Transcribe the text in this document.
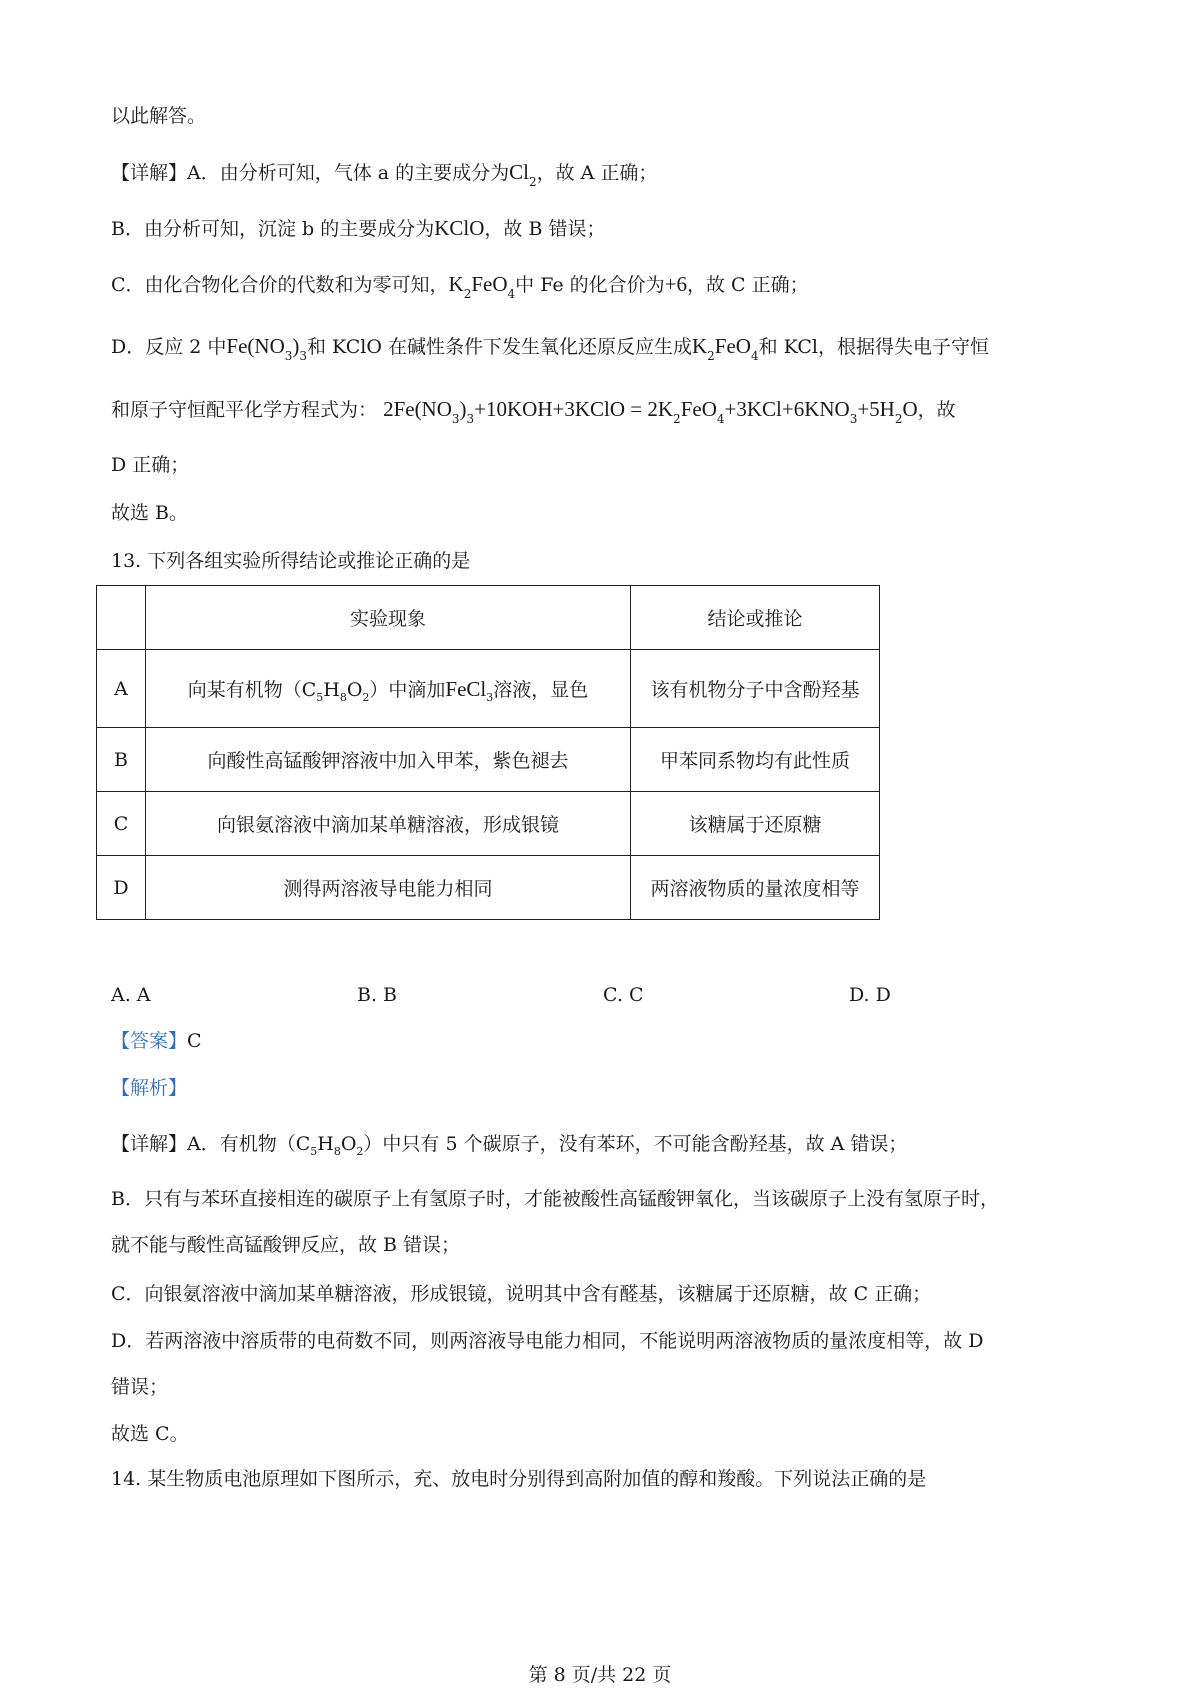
以此解答。
【详解】A．由分析可知，气体 a 的主要成分为$Cl_2$，故 A 正确；
B．由分析可知，沉淀 b 的主要成分为KClO，故 B 错误；
C．由化合物化合价的代数和为零可知，$K_2FeO_4$中 Fe 的化合价为+6，故 C 正确；
D．反应 2 中$Fe(NO_3)_3$和 KClO 在碱性条件下发生氧化还原反应生成$K_2FeO_4$和 KCl，根据得失电子守恒
和原子守恒配平化学方程式为： $2Fe(NO_3)_3+10KOH+3KClO = 2K_2FeO_4+3KCl+6KNO_3+5H_2O$，故
D 正确；
故选 B。
13. 下列各组实验所得结论或推论正确的是
	实验现象	结论或推论
A	向某有机物$(C_5H_8O_2)$中滴加FeCl$_3$溶液，显色	该有机物分子中含酚羟基
B	向酸性高锰酸钾溶液中加入甲苯，紫色褪去	甲苯同系物均有此性质
C	向银氨溶液中滴加某单糖溶液，形成银镜	该糖属于还原糖
D	测得两溶液导电能力相同	两溶液物质的量浓度相等
A. A	B. B	C. C	D. D
【答案】C
【解析】
【详解】A．有机物$(C_5H_8O_2)$中只有 5 个碳原子，没有苯环，不可能含酚羟基，故 A 错误；
B．只有与苯环直接相连的碳原子上有氢原子时，才能被酸性高锰酸钾氧化，当该碳原子上没有氢原子时，
就不能与酸性高锰酸钾反应，故 B 错误；
C．向银氨溶液中滴加某单糖溶液，形成银镜，说明其中含有醛基，该糖属于还原糖，故 C 正确；
D．若两溶液中溶质带的电荷数不同，则两溶液导电能力相同，不能说明两溶液物质的量浓度相等，故 D
错误；
故选 C。
14. 某生物质电池原理如下图所示，充、放电时分别得到高附加值的醇和羧酸。下列说法正确的是
第 8 页/共 22 页
